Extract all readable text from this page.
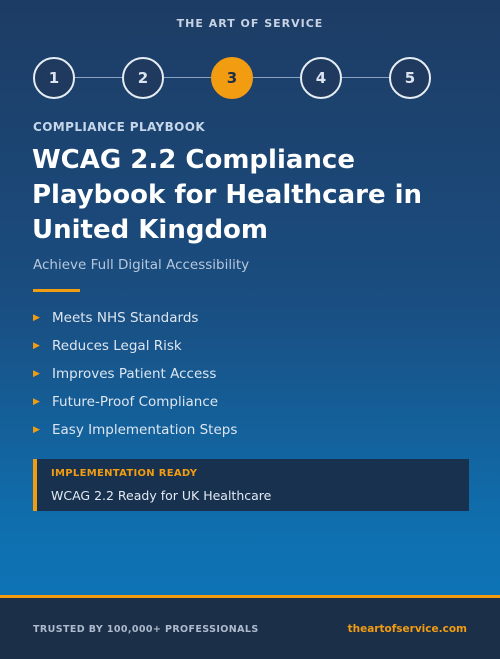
THE ART OF SERVICE
1	2	3	4	5
COMPLIANCE PLAYBOOK
WCAG 2.2 Compliance Playbook for Healthcare in United Kingdom
Achieve Full Digital Accessibility
▶ Meets NHS Standards
▶ Reduces Legal Risk
▶ Improves Patient Access
▶ Future-Proof Compliance
▶ Easy Implementation Steps
IMPLEMENTATION READY
WCAG 2.2 Ready for UK Healthcare
TRUSTED BY 100,000+ PROFESSIONALS	theartofservice.com
